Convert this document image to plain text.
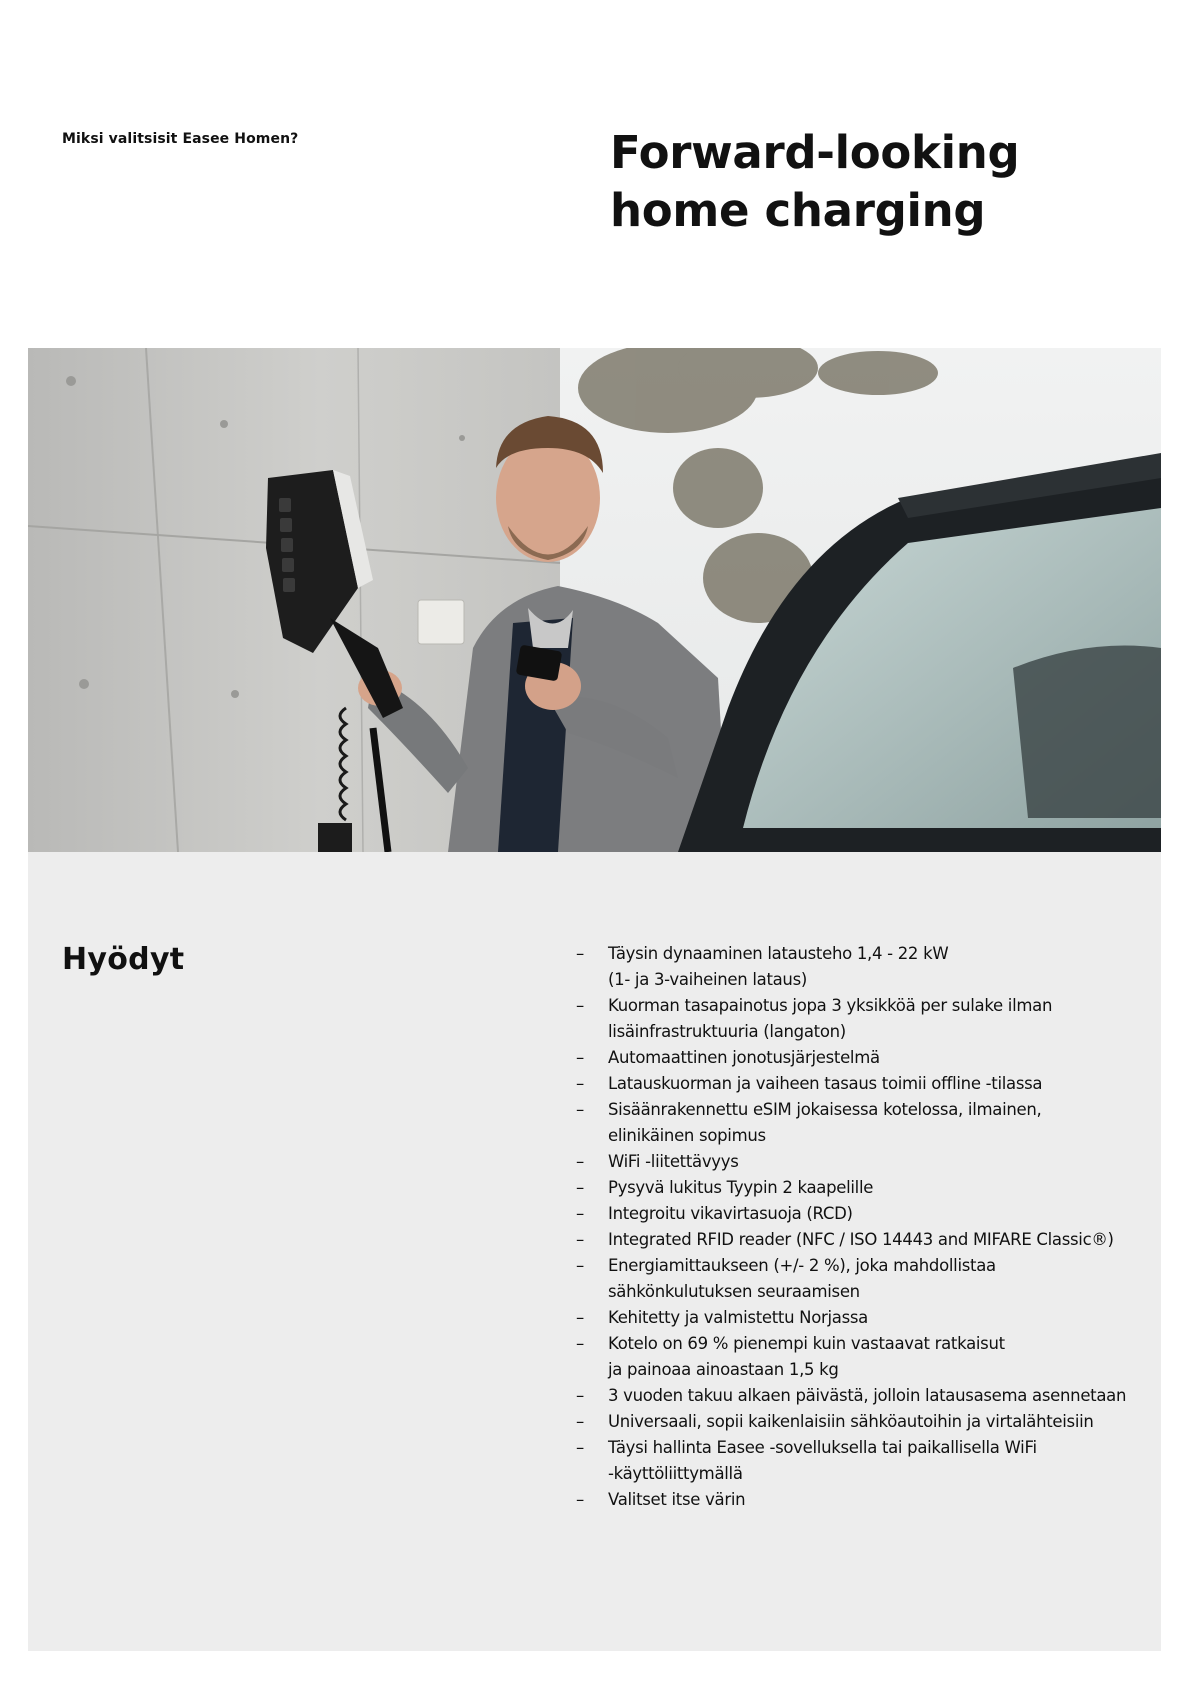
Miksi valitsisit Easee Homen?	Forward-looking
home charging
Hyödyt
–	Täysin dynaaminen latausteho 1,4 - 22 kW
(1- ja 3-vaiheinen lataus)
– Kuorman tasapainotus jopa 3 yksikköä per sulake ilman
lisäinfrastruktuuria (langaton)
– Automaattinen jonotusjärjestelmä
– Latauskuorman ja vaiheen tasaus toimii offline -tilassa
– Sisäänrakennettu eSIM jokaisessa kotelossa, ilmainen,
elinikäinen sopimus
– WiFi -liitettävyys
– Pysyvä lukitus Tyypin 2 kaapelille
– Integroitu vikavirtasuoja (RCD)
– Integrated RFID reader (NFC / ISO 14443 and MIFARE Classic®)
– Energiamittaukseen (+/- 2 %), joka mahdollistaa
sähkönkulutuksen seuraamisen
– Kehitetty ja valmistettu Norjassa
– Kotelo on 69 % pienempi kuin vastaavat ratkaisut
ja painoaa ainoastaan 1,5 kg
– 3 vuoden takuu alkaen päivästä, jolloin latausasema asennetaan
– Universaali, sopii kaikenlaisiin sähköautoihin ja virtalähteisiin
– Täysi hallinta Easee -sovelluksella tai paikallisella WiFi
-käyttöliittymällä
– Valitset itse värin
